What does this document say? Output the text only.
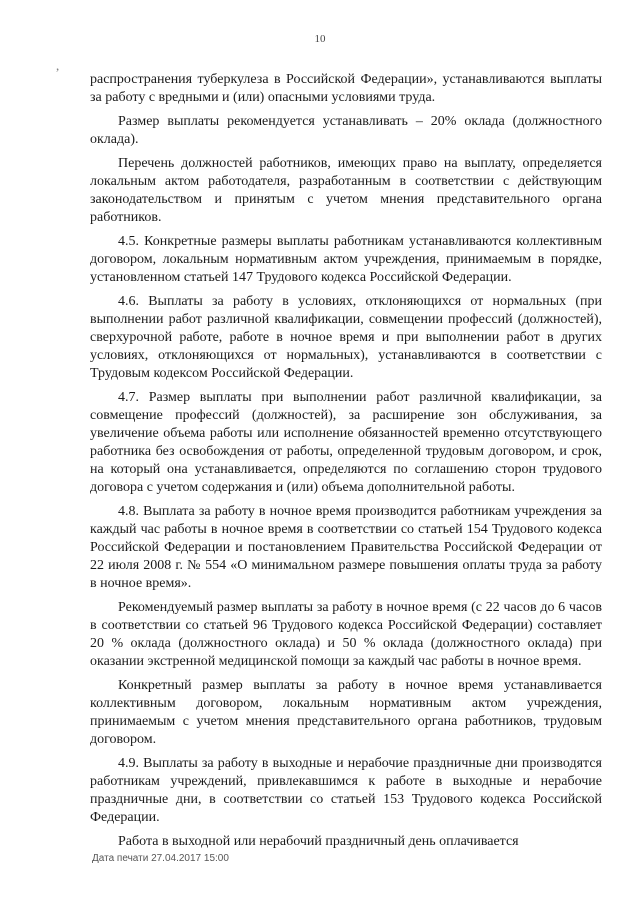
10
,

распространения туберкулеза в Российской Федерации», устанавливаются выплаты за работу с вредными и (или) опасными условиями труда.

Размер выплаты рекомендуется устанавливать – 20% оклада (должностного оклада).

Перечень должностей работников, имеющих право на выплату, определяется локальным актом работодателя, разработанным в соответствии с действующим законодательством и принятым с учетом мнения представительного органа работников.

4.5. Конкретные размеры выплаты работникам устанавливаются коллективным договором, локальным нормативным актом учреждения, принимаемым в порядке, установленном статьей 147 Трудового кодекса Российской Федерации.

4.6. Выплаты за работу в условиях, отклоняющихся от нормальных (при выполнении работ различной квалификации, совмещении профессий (должностей), сверхурочной работе, работе в ночное время и при выполнении работ в других условиях, отклоняющихся от нормальных), устанавливаются в соответствии с Трудовым кодексом Российской Федерации.

4.7. Размер выплаты при выполнении работ различной квалификации, за совмещение профессий (должностей), за расширение зон обслуживания, за увеличение объема работы или исполнение обязанностей временно отсутствующего работника без освобождения от работы, определенной трудовым договором, и срок, на который она устанавливается, определяются по соглашению сторон трудового договора с учетом содержания и (или) объема дополнительной работы.

4.8. Выплата за работу в ночное время производится работникам учреждения за каждый час работы в ночное время в соответствии со статьей 154 Трудового кодекса Российской Федерации и постановлением Правительства Российской Федерации от 22 июля 2008 г. № 554 «О минимальном размере повышения оплаты труда за работу в ночное время».

Рекомендуемый размер выплаты за работу в ночное время (с 22 часов до 6 часов в соответствии со статьей 96 Трудового кодекса Российской Федерации) составляет 20 % оклада (должностного оклада) и 50 % оклада (должностного оклада) при оказании экстренной медицинской помощи за каждый час работы в ночное время.

Конкретный размер выплаты за работу в ночное время устанавливается коллективным договором, локальным нормативным актом учреждения, принимаемым с учетом мнения представительного органа работников, трудовым договором.

4.9. Выплаты за работу в выходные и нерабочие праздничные дни производятся работникам учреждений, привлекавшимся к работе в выходные и нерабочие праздничные дни, в соответствии со статьей 153 Трудового кодекса Российской Федерации.

Работа в выходной или нерабочий праздничный день оплачивается

Дата печати 27.04.2017 15:00
